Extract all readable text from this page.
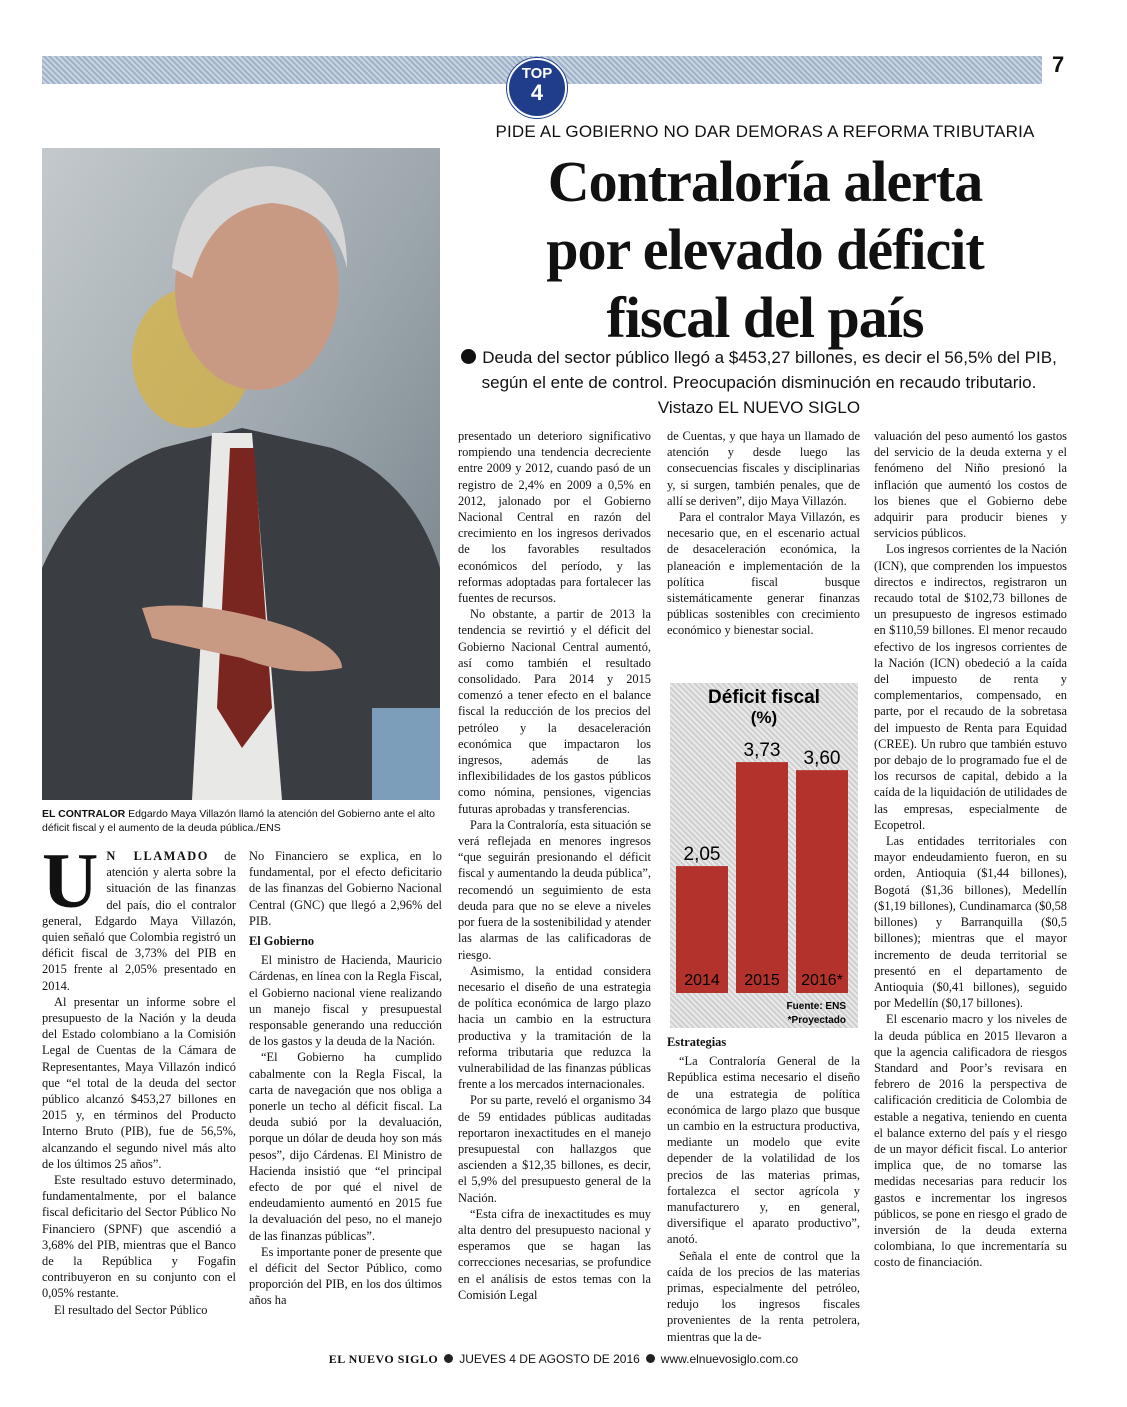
7
TOP
4
PIDE AL GOBIERNO NO DAR DEMORAS A REFORMA TRIBUTARIA
Contraloría alerta
por elevado déficit
fiscal del país
Deuda del sector público llegó a $453,27 billones, es decir el 56,5% del PIB, según el ente de control. Preocupación disminución en recaudo tributario. Vistazo EL NUEVO SIGLO
EL CONTRALOR Edgardo Maya Villazón llamó la atención del Gobierno ante el alto déficit fiscal y el aumento de la deuda pública./ENS

U N LLAMADO de atención y alerta sobre la situación de las finanzas del país, dio el contralor general, Edgardo Maya Villazón, quien señaló que Colombia registró un déficit fiscal de 3,73% del PIB en 2015 frente al 2,05% presentado en 2014.

Al presentar un informe sobre el presupuesto de la Nación y la deuda del Estado colombiano a la Comisión Legal de Cuentas de la Cámara de Representantes, Maya Villazón indicó que “el total de la deuda del sector público alcanzó $453,27 billones en 2015 y, en términos del Producto Interno Bruto (PIB), fue de 56,5%, alcanzando el segundo nivel más alto de los últimos 25 años”.

Este resultado estuvo determinado, fundamentalmente, por el balance fiscal deficitario del Sector Público No Financiero (SPNF) que ascendió a 3,68% del PIB, mientras que el Banco de la República y Fogafin contribuyeron en su conjunto con el 0,05% restante.

El resultado del Sector Público

No Financiero se explica, en lo fundamental, por el efecto deficitario de las finanzas del Gobierno Nacional Central (GNC) que llegó a 2,96% del PIB.

El Gobierno

El ministro de Hacienda, Mauricio Cárdenas, en línea con la Regla Fiscal, el Gobierno nacional viene realizando un manejo fiscal y presupuestal responsable generando una reducción de los gastos y la deuda de la Nación.

“El Gobierno ha cumplido cabalmente con la Regla Fiscal, la carta de navegación que nos obliga a ponerle un techo al déficit fiscal. La deuda subió por la devaluación, porque un dólar de deuda hoy son más pesos”, dijo Cárdenas. El Ministro de Hacienda insistió que “el principal efecto de por qué el nivel de endeudamiento aumentó en 2015 fue la devaluación del peso, no el manejo de las finanzas públicas”.

Es importante poner de presente que el déficit del Sector Público, como proporción del PIB, en los dos últimos años ha

presentado un deterioro significativo rompiendo una tendencia decreciente entre 2009 y 2012, cuando pasó de un registro de 2,4% en 2009 a 0,5% en 2012, jalonado por el Gobierno Nacional Central en razón del crecimiento en los ingresos derivados de los favorables resultados económicos del período, y las reformas adoptadas para fortalecer las fuentes de recursos.

No obstante, a partir de 2013 la tendencia se revirtió y el déficit del Gobierno Nacional Central aumentó, así como también el resultado consolidado. Para 2014 y 2015 comenzó a tener efecto en el balance fiscal la reducción de los precios del petróleo y la desaceleración económica que impactaron los ingresos, además de las inflexibilidades de los gastos públicos como nómina, pensiones, vigencias futuras aprobadas y transferencias.

Para la Contraloría, esta situación se verá reflejada en menores ingresos “que seguirán presionando el déficit fiscal y aumentando la deuda pública”, recomendó un seguimiento de esta deuda para que no se eleve a niveles por fuera de la sostenibilidad y atender las alarmas de las calificadoras de riesgo.

Asimismo, la entidad considera necesario el diseño de una estrategia de política económica de largo plazo hacia un cambio en la estructura productiva y la tramitación de la reforma tributaria que reduzca la vulnerabilidad de las finanzas públicas frente a los mercados internacionales.

Por su parte, reveló el organismo 34 de 59 entidades públicas auditadas reportaron inexactitudes en el manejo presupuestal con hallazgos que ascienden a $12,35 billones, es decir, el 5,9% del presupuesto general de la Nación.

“Esta cifra de inexactitudes es muy alta dentro del presupuesto nacional y esperamos que se hagan las correcciones necesarias, se profundice en el análisis de estos temas con la Comisión Legal

de Cuentas, y que haya un llamado de atención y desde luego las consecuencias fiscales y disciplinarias y, si surgen, también penales, que de allí se deriven”, dijo Maya Villazón.

Para el contralor Maya Villazón, es necesario que, en el escenario actual de desaceleración económica, la planeación e implementación de la política fiscal busque sistemáticamente generar finanzas públicas sostenibles con crecimiento económico y bienestar social.

Déficit fiscal
(%)
2,05
2014
3,73
2015
3,60
2016*
Fuente: ENS
*Proyectado
Estrategias

“La Contraloría General de la República estima necesario el diseño de una estrategia de política económica de largo plazo que busque un cambio en la estructura productiva, mediante un modelo que evite depender de la volatilidad de los precios de las materias primas, fortalezca el sector agrícola y manufacturero y, en general, diversifique el aparato productivo”, anotó.

Señala el ente de control que la caída de los precios de las materias primas, especialmente del petróleo, redujo los ingresos fiscales provenientes de la renta petrolera, mientras que la de-

valuación del peso aumentó los gastos del servicio de la deuda externa y el fenómeno del Niño presionó la inflación que aumentó los costos de los bienes que el Gobierno debe adquirir para producir bienes y servicios públicos.

Los ingresos corrientes de la Nación (ICN), que comprenden los impuestos directos e indirectos, registraron un recaudo total de $102,73 billones de un presupuesto de ingresos estimado en $110,59 billones. El menor recaudo efectivo de los ingresos corrientes de la Nación (ICN) obedeció a la caída del impuesto de renta y complementarios, compensado, en parte, por el recaudo de la sobretasa del impuesto de Renta para Equidad (CREE). Un rubro que también estuvo por debajo de lo programado fue el de los recursos de capital, debido a la caída de la liquidación de utilidades de las empresas, especialmente de Ecopetrol.

Las entidades territoriales con mayor endeudamiento fueron, en su orden, Antioquia ($1,44 billones), Bogotá ($1,36 billones), Medellín ($1,19 billones), Cundinamarca ($0,58 billones) y Barranquilla ($0,5 billones); mientras que el mayor incremento de deuda territorial se presentó en el departamento de Antioquia ($0,41 billones), seguido por Medellín ($0,17 billones).

El escenario macro y los niveles de la deuda pública en 2015 llevaron a que la agencia calificadora de riesgos Standard and Poor’s revisara en febrero de 2016 la perspectiva de calificación crediticia de Colombia de estable a negativa, teniendo en cuenta el balance externo del país y el riesgo de un mayor déficit fiscal. Lo anterior implica que, de no tomarse las medidas necesarias para reducir los gastos e incrementar los ingresos públicos, se pone en riesgo el grado de inversión de la deuda externa colombiana, lo que incrementaría su costo de financiación.

EL NUEVO SIGLO JUEVES 4 DE AGOSTO DE 2016 www.elnuevosiglo.com.co
